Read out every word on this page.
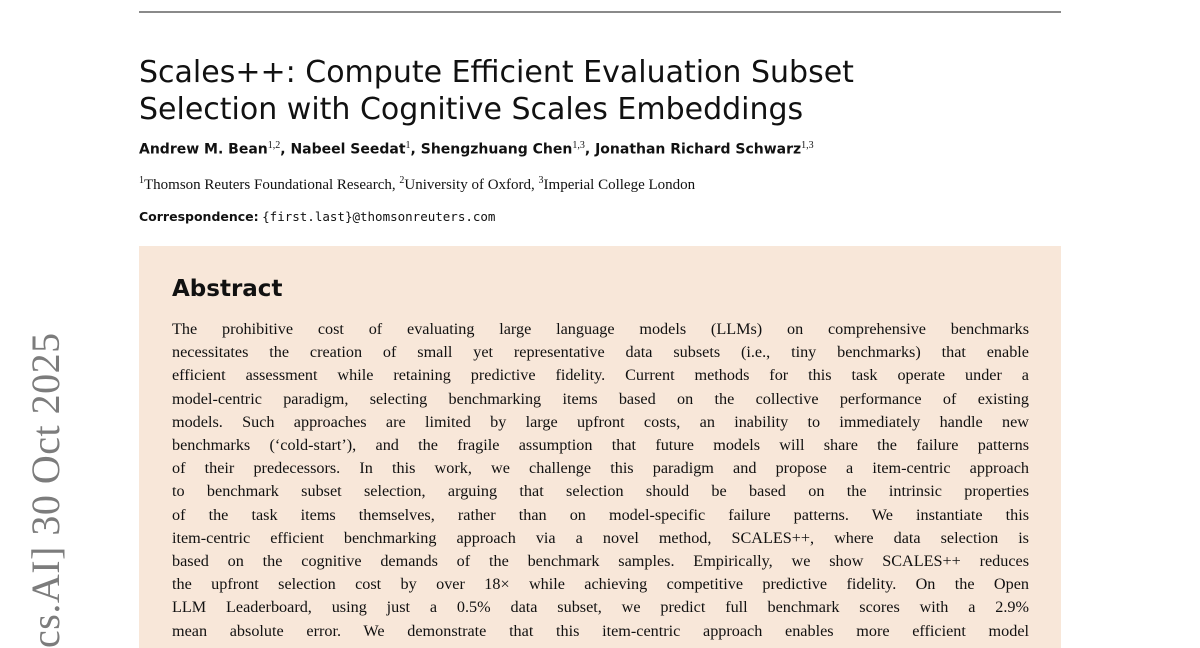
Scales++: Compute Efficient Evaluation Subset
Selection with Cognitive Scales Embeddings
Andrew M. Bean$^{1,2}$, Nabeel Seedat$^1$, Shengzhuang Chen$^{1,3}$, Jonathan Richard Schwarz$^{1,3}$
$^1$Thomson Reuters Foundational Research, $^2$University of Oxford, $^3$Imperial College London
Correspondence: {first.last}@thomsonreuters.com
Abstract

The prohibitive cost of evaluating large language models (LLMs) on comprehensive benchmarks
necessitates the creation of small yet representative data subsets (i.e., tiny benchmarks) that enable
efficient assessment while retaining predictive fidelity. Current methods for this task operate under a
model-centric paradigm, selecting benchmarking items based on the collective performance of existing
models. Such approaches are limited by large upfront costs, an inability to immediately handle new
benchmarks (‘cold-start’), and the fragile assumption that future models will share the failure patterns
of their predecessors. In this work, we challenge this paradigm and propose a item-centric approach
to benchmark subset selection, arguing that selection should be based on the intrinsic properties
of the task items themselves, rather than on model-specific failure patterns. We instantiate this
item-centric efficient benchmarking approach via a novel method, SCALES++, where data selection is
based on the cognitive demands of the benchmark samples. Empirically, we show SCALES++ reduces
the upfront selection cost by over 18× while achieving competitive predictive fidelity. On the Open
LLM Leaderboard, using just a 0.5% data subset, we predict full benchmark scores with a 2.9%
mean absolute error. We demonstrate that this item-centric approach enables more efficient model

cs.AI] 30 Oct 2025
